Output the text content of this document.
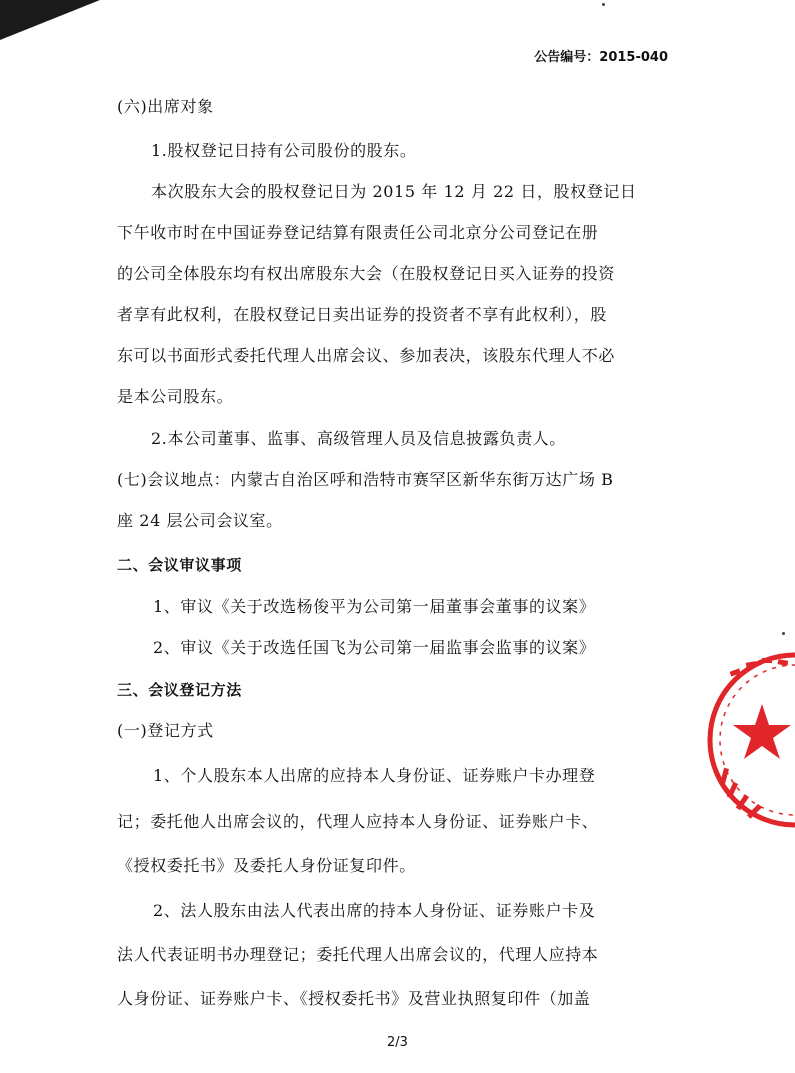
公告编号：2015-040
(六)出席对象
1.股权登记日持有公司股份的股东。
本次股东大会的股权登记日为 2015 年 12 月 22 日，股权登记日
下午收市时在中国证券登记结算有限责任公司北京分公司登记在册
的公司全体股东均有权出席股东大会（在股权登记日买入证券的投资
者享有此权利，在股权登记日卖出证券的投资者不享有此权利），股
东可以书面形式委托代理人出席会议、参加表决，该股东代理人不必
是本公司股东。
2.本公司董事、监事、高级管理人员及信息披露负责人。
(七)会议地点：内蒙古自治区呼和浩特市赛罕区新华东街万达广场 B
座 24 层公司会议室。
二、会议审议事项
1、审议《关于改选杨俊平为公司第一届董事会董事的议案》
2、审议《关于改选任国飞为公司第一届监事会监事的议案》
三、会议登记方法
(一)登记方式
1、个人股东本人出席的应持本人身份证、证券账户卡办理登
记；委托他人出席会议的，代理人应持本人身份证、证券账户卡、
《授权委托书》及委托人身份证复印件。
2、法人股东由法人代表出席的持本人身份证、证券账户卡及
法人代表证明书办理登记；委托代理人出席会议的，代理人应持本
人身份证、证券账户卡、《授权委托书》及营业执照复印件（加盖
2/3
